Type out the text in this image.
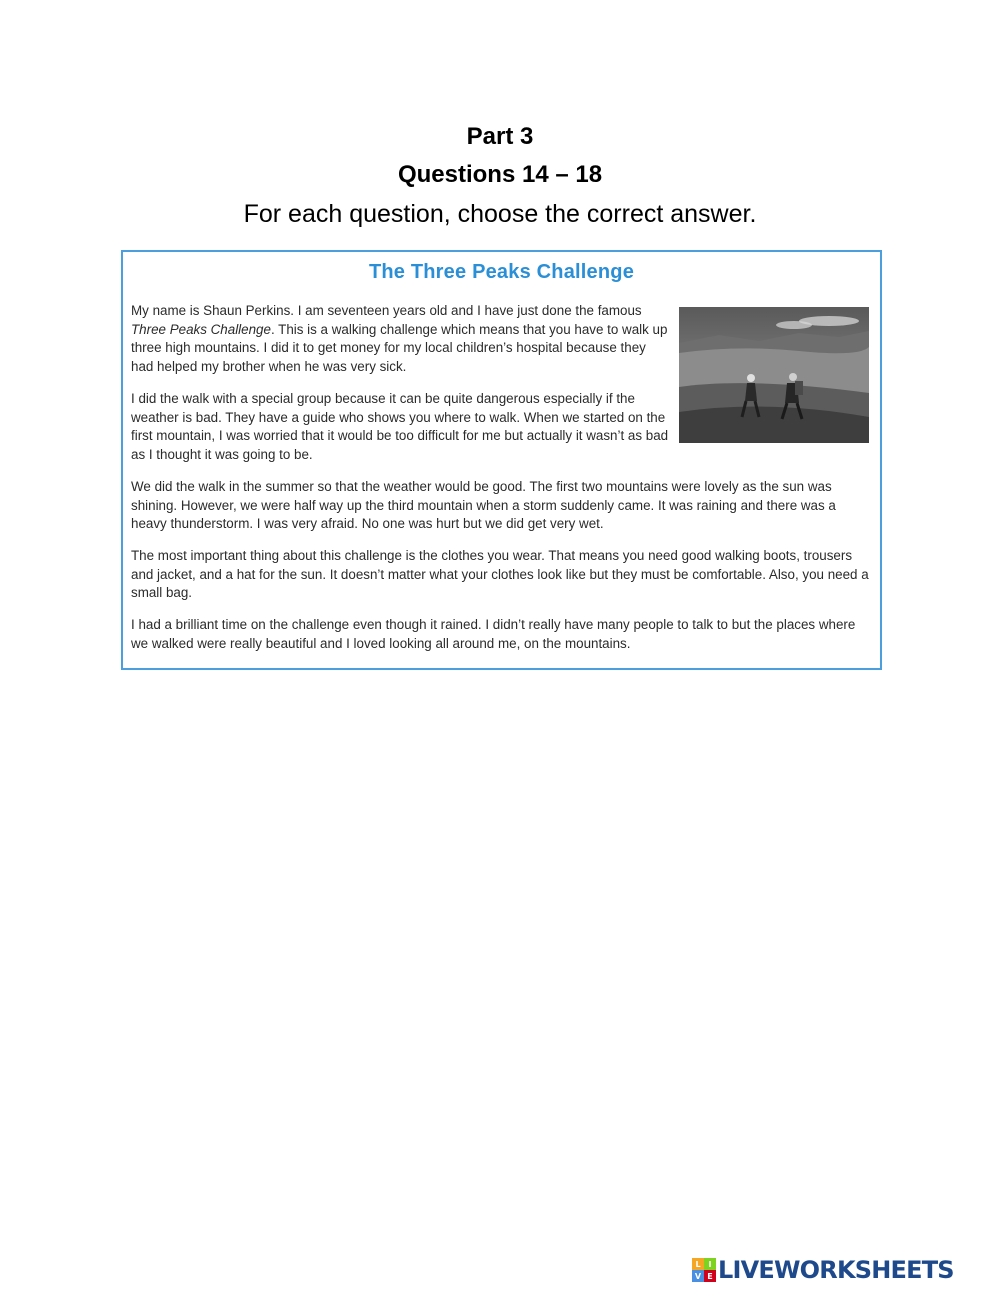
Part 3
Questions 14 – 18
For each question, choose the correct answer.
The Three Peaks Challenge
My name is Shaun Perkins. I am seventeen years old and I have just done the famous Three Peaks Challenge. This is a walking challenge which means that you have to walk up three high mountains. I did it to get money for my local children’s hospital because they had helped my brother when he was very sick.
I did the walk with a special group because it can be quite dangerous especially if the weather is bad. They have a guide who shows you where to walk. When we started on the first mountain, I was worried that it would be too difficult for me but actually it wasn’t as bad as I thought it was going to be.
We did the walk in the summer so that the weather would be good. The first two mountains were lovely as the sun was shining. However, we were half way up the third mountain when a storm suddenly came. It was raining and there was a heavy thunderstorm. I was very afraid. No one was hurt but we did get very wet.
The most important thing about this challenge is the clothes you wear. That means you need good walking boots, trousers and jacket, and a hat for the sun. It doesn’t matter what your clothes look like but they must be comfortable. Also, you need a small bag.
I had a brilliant time on the challenge even though it rained. I didn’t really have many people to talk to but the places where we walked were really beautiful and I loved looking all around me, on the mountains.
L I
V E LIVEWORKSHEETS
